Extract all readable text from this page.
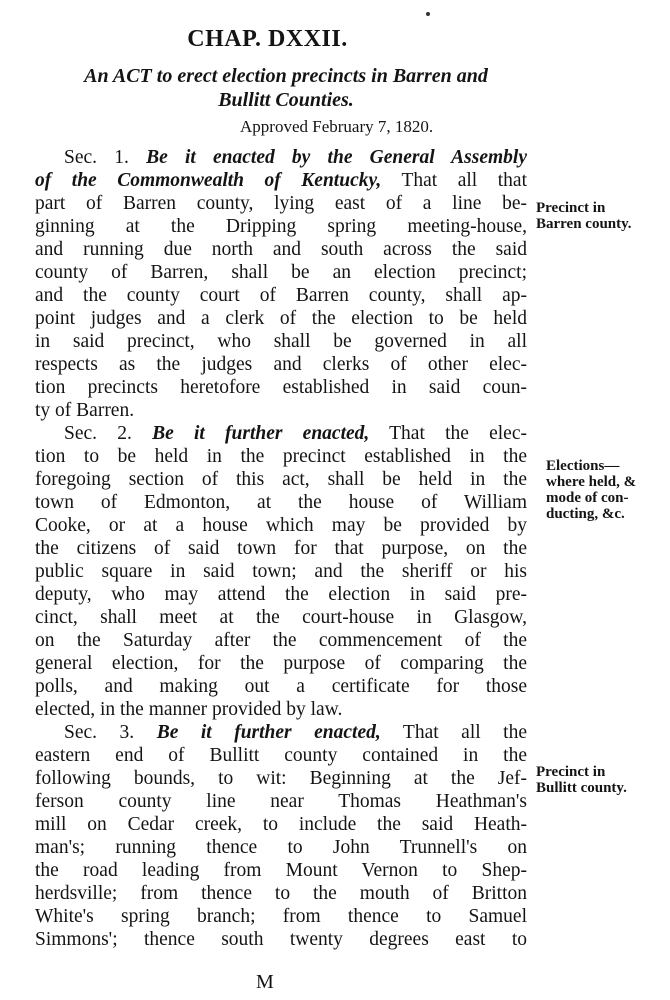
CHAP. DXXII.
An ACT to erect election precincts in Barren and
Bullitt Counties.
Approved February 7, 1820.
Sec. 1. Be it enacted by the General Assembly
of the Commonwealth of Kentucky, That all that
part of Barren county, lying east of a line be-
ginning at the Dripping spring meeting-house,
and running due north and south across the said
county of Barren, shall be an election precinct;
and the county court of Barren county, shall ap-
point judges and a clerk of the election to be held
in said precinct, who shall be governed in all
respects as the judges and clerks of other elec-
tion precincts heretofore established in said coun-
ty of Barren.
Sec. 2. Be it further enacted, That the elec-
tion to be held in the precinct established in the
foregoing section of this act, shall be held in the
town of Edmonton, at the house of William
Cooke, or at a house which may be provided by
the citizens of said town for that purpose, on the
public square in said town; and the sheriff or his
deputy, who may attend the election in said pre-
cinct, shall meet at the court-house in Glasgow,
on the Saturday after the commencement of the
general election, for the purpose of comparing the
polls, and making out a certificate for those
elected, in the manner provided by law.
Sec. 3. Be it further enacted, That all the
eastern end of Bullitt county contained in the
following bounds, to wit: Beginning at the Jef-
ferson county line near Thomas Heathman's
mill on Cedar creek, to include the said Heath-
man's; running thence to John Trunnell's on
the road leading from Mount Vernon to Shep-
herdsville; from thence to the mouth of Britton
White's spring branch; from thence to Samuel
Simmons'; thence south twenty degrees east to
Precinct in
Barren county.
Elections—
where held, &
mode of con-
ducting, &c.
Precinct in
Bullitt county.
M
